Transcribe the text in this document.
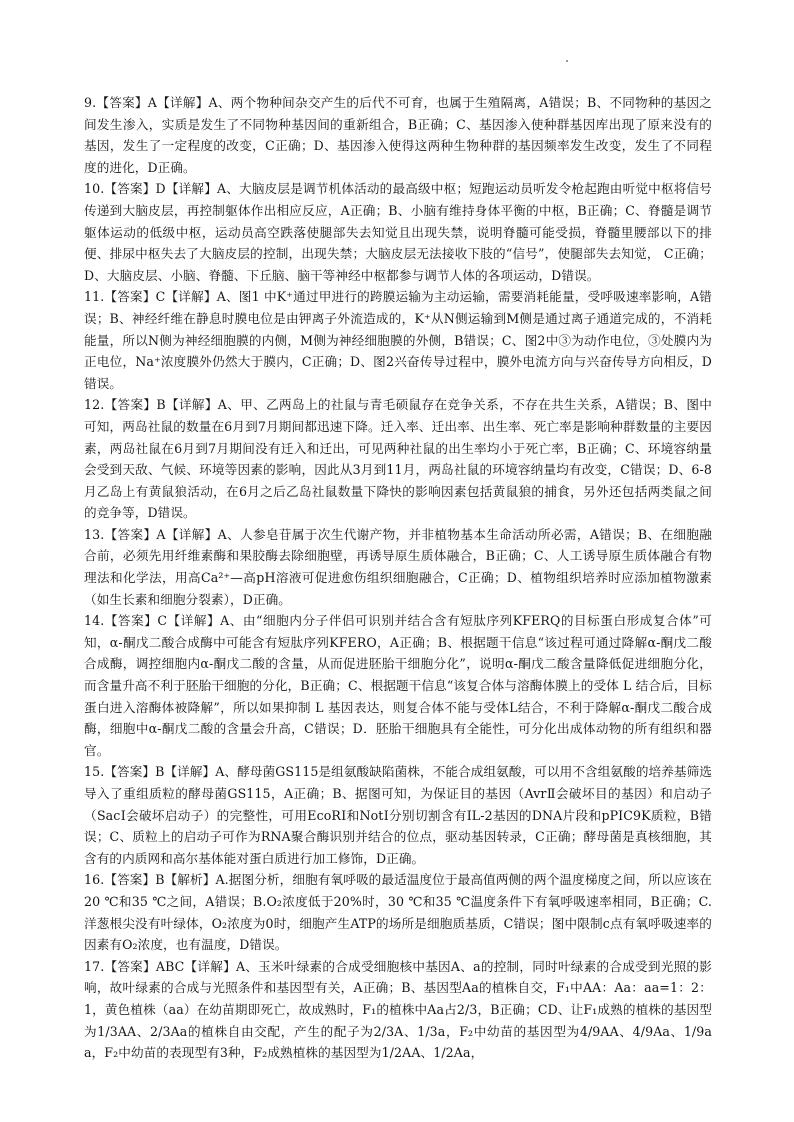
9.【答案】A【详解】A、两个物种间杂交产生的后代不可育，也属于生殖隔离，A错误；B、不同物种的基因之间发生渗入，实质是发生了不同物种基因间的重新组合，B正确；C、基因渗入使种群基因库出现了原来没有的基因，发生了一定程度的改变，C正确；D、基因渗入使得这两种生物种群的基因频率发生改变，发生了不同程度的进化，D正确。

10.【答案】D【详解】A、大脑皮层是调节机体活动的最高级中枢；短跑运动员听发令枪起跑由听觉中枢将信号传递到大脑皮层，再控制躯体作出相应反应，A正确；B、小脑有维持身体平衡的中枢，B正确；C、脊髓是调节躯体运动的低级中枢，运动员高空跌落使腿部失去知觉且出现失禁，说明脊髓可能受损，脊髓里腰部以下的排便、排尿中枢失去了大脑皮层的控制，出现失禁；大脑皮层无法接收下肢的“信号”，使腿部失去知觉， C正确；D、大脑皮层、小脑、脊髓、下丘脑、脑干等神经中枢都参与调节人体的各项运动，D错误。

11.【答案】C【详解】A、图1 中K⁺通过甲进行的跨膜运输为主动运输，需要消耗能量，受呼吸速率影响，A错误；B、神经纤维在静息时膜电位是由钾离子外流造成的，K⁺从N侧运输到M侧是通过离子通道完成的，不消耗能量，所以N侧为神经细胞膜的内侧，M侧为神经细胞膜的外侧，B错误；C、图2中③为动作电位，③处膜内为正电位，Na⁺浓度膜外仍然大于膜内，C正确；D、图2兴奋传导过程中，膜外电流方向与兴奋传导方向相反，D错误。

12.【答案】B【详解】A、甲、乙两岛上的社鼠与青毛硕鼠存在竞争关系，不存在共生关系，A错误；B、图中可知，两岛社鼠的数量在6月到7月期间都迅速下降。迁入率、迁出率、出生率、死亡率是影响种群数量的主要因素，两岛社鼠在6月到7月期间没有迁入和迁出，可见两种社鼠的出生率均小于死亡率，B正确；C、环境容纳量会受到天敌、气候、环境等因素的影响，因此从3月到11月，两岛社鼠的环境容纳量均有改变，C错误；D、6-8月乙岛上有黄鼠狼活动，在6月之后乙岛社鼠数量下降快的影响因素包括黄鼠狼的捕食，另外还包括两类鼠之间的竞争等，D错误。

13.【答案】A【详解】A、人参皂苷属于次生代谢产物，并非植物基本生命活动所必需，A错误；B、在细胞融合前，必须先用纤维素酶和果胶酶去除细胞壁，再诱导原生质体融合，B正确；C、人工诱导原生质体融合有物理法和化学法，用高Ca²⁺—高pH溶液可促进愈伤组织细胞融合，C正确；D、植物组织培养时应添加植物激素（如生长素和细胞分裂素），D正确。

14.【答案】C【详解】A、由“细胞内分子伴侣可识别并结合含有短肽序列KFERQ的目标蛋白形成复合体”可知，α-酮戊二酸合成酶中可能含有短肽序列KFERO，A正确；B、根据题干信息“该过程可通过降解α-酮戊二酸合成酶，调控细胞内α-酮戊二酸的含量，从而促进胚胎干细胞分化”，说明α-酮戊二酸含量降低促进细胞分化，而含量升高不利于胚胎干细胞的分化，B正确；C、根据题干信息“该复合体与溶酶体膜上的受体 L 结合后，目标蛋白进入溶酶体被降解”，所以如果抑制 L 基因表达，则复合体不能与受体L结合，不利于降解α-酮戊二酸合成酶，细胞中α-酮戊二酸的含量会升高，C错误；D．胚胎干细胞具有全能性，可分化出成体动物的所有组织和器官。

15.【答案】B【详解】A、酵母菌GS115是组氨酸缺陷菌株，不能合成组氨酸，可以用不含组氨酸的培养基筛选导入了重组质粒的酵母菌GS115，A正确；B、据图可知，为保证目的基因（AvrⅡ会破坏目的基因）和启动子（SacⅠ会破坏启动子）的完整性，可用EcoRⅠ和NotⅠ分别切割含有IL-2基因的DNA片段和pPIC9K质粒，B错误；C、质粒上的启动子可作为RNA聚合酶识别并结合的位点，驱动基因转录，C正确；酵母菌是真核细胞，其含有的内质网和高尔基体能对蛋白质进行加工修饰，D正确。

16.【答案】B【解析】A.据图分析，细胞有氧呼吸的最适温度位于最高值两侧的两个温度梯度之间，所以应该在20 ℃和35 ℃之间，A错误；B.O₂浓度低于20%时，30 ℃和35 ℃温度条件下有氧呼吸速率相同，B正确；C.洋葱根尖没有叶绿体，O₂浓度为0时，细胞产生ATP的场所是细胞质基质，C错误；图中限制c点有氧呼吸速率的因素有O₂浓度，也有温度，D错误。

17.【答案】ABC【详解】A、玉米叶绿素的合成受细胞核中基因A、a的控制，同时叶绿素的合成受到光照的影响，故叶绿素的合成与光照条件和基因型有关，A正确；B、基因型Aa的植株自交，F₁中AA：Aa：aa=1：2：1，黄色植株（aa）在幼苗期即死亡，故成熟时，F₁的植株中Aa占2/3，B正确；CD、让F₁成熟的植株的基因型为1/3AA、2/3Aa的植株自由交配，产生的配子为2/3A、1/3a，F₂中幼苗的基因型为4/9AA、4/9Aa、1/9aa，F₂中幼苗的表现型有3种，F₂成熟植株的基因型为1/2AA、1/2Aa，
